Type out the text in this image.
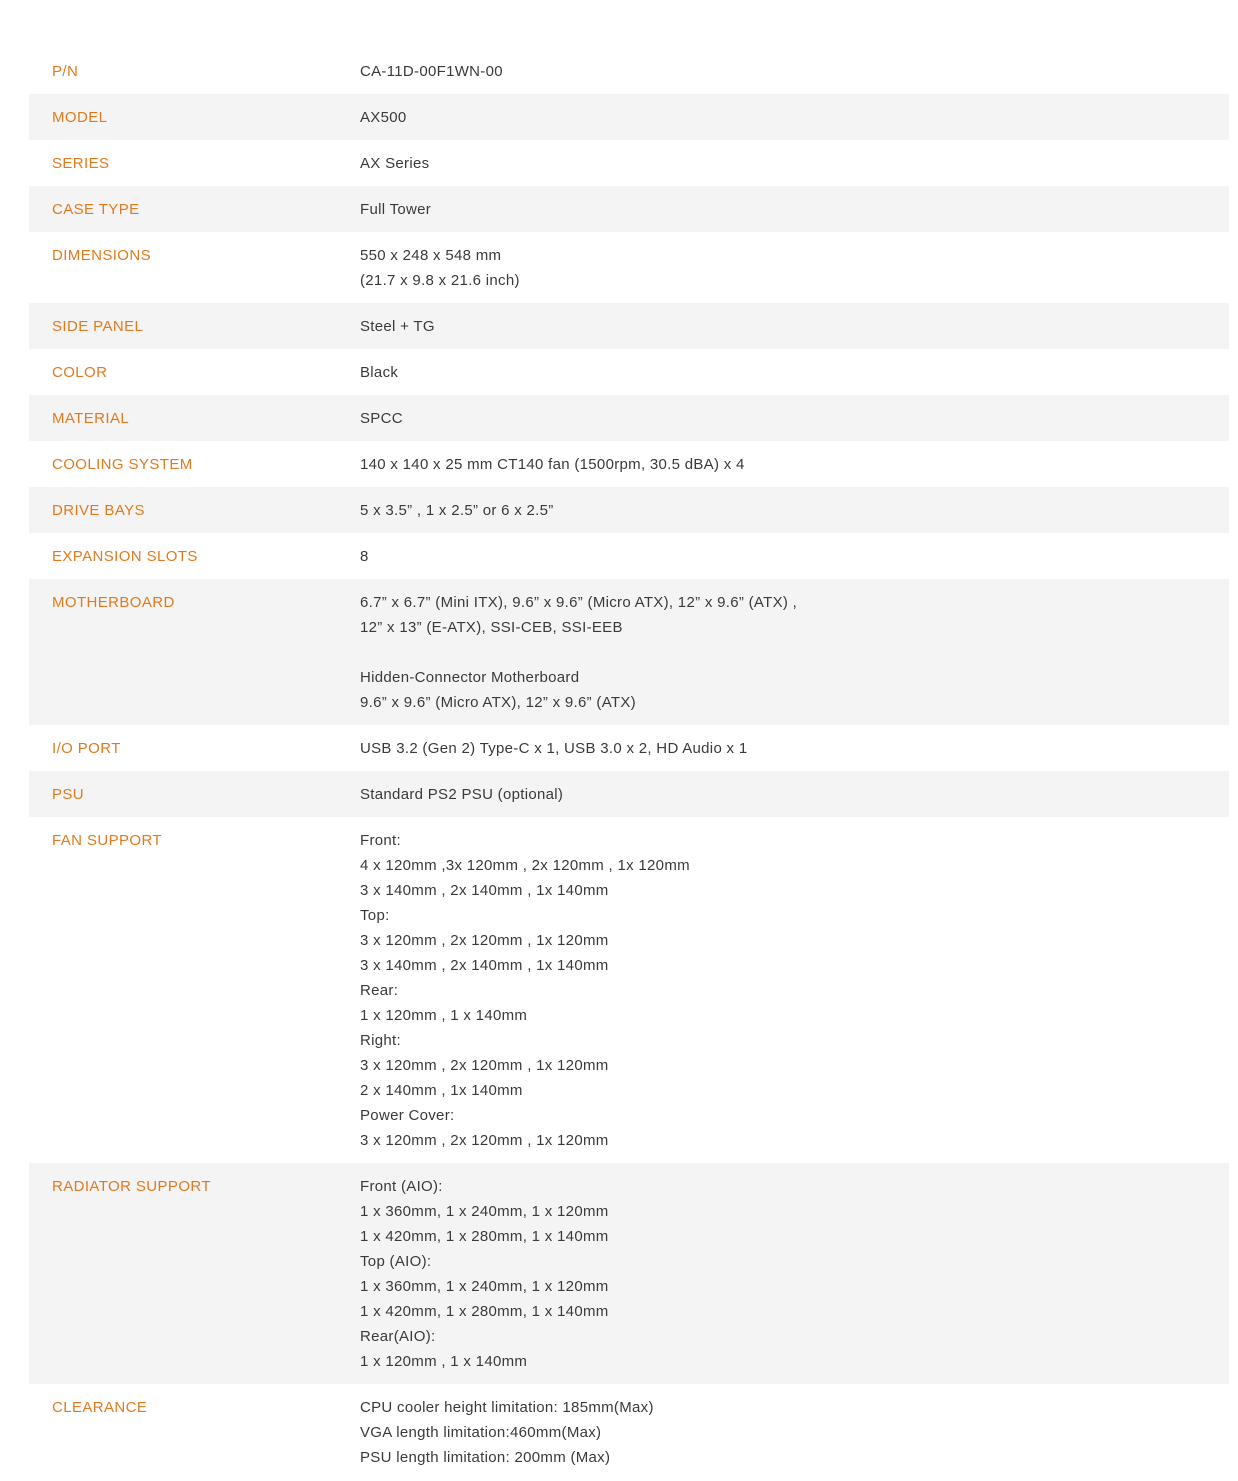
P/N	CA-11D-00F1WN-00
MODEL	AX500
SERIES	AX Series
CASE TYPE	Full Tower
DIMENSIONS	550 x 248 x 548 mm
(21.7 x 9.8 x 21.6 inch)
SIDE PANEL	Steel + TG
COLOR	Black
MATERIAL	SPCC
COOLING SYSTEM	140 x 140 x 25 mm CT140 fan (1500rpm, 30.5 dBA) x 4
DRIVE BAYS	5 x 3.5” , 1 x 2.5” or 6 x 2.5”
EXPANSION SLOTS	8
MOTHERBOARD	6.7” x 6.7” (Mini ITX), 9.6” x 9.6” (Micro ATX), 12” x 9.6” (ATX) ,
12” x 13” (E-ATX), SSI-CEB, SSI-EEB
Hidden-Connector Motherboard
9.6” x 9.6” (Micro ATX), 12” x 9.6” (ATX)
I/O PORT	USB 3.2 (Gen 2) Type-C x 1, USB 3.0 x 2, HD Audio x 1
PSU	Standard PS2 PSU (optional)
FAN SUPPORT	Front:
4 x 120mm ,3x 120mm , 2x 120mm , 1x 120mm
3 x 140mm , 2x 140mm , 1x 140mm
Top:
3 x 120mm , 2x 120mm , 1x 120mm
3 x 140mm , 2x 140mm , 1x 140mm
Rear:
1 x 120mm , 1 x 140mm
Right:
3 x 120mm , 2x 120mm , 1x 120mm
2 x 140mm , 1x 140mm
Power Cover:
3 x 120mm , 2x 120mm , 1x 120mm
RADIATOR SUPPORT	Front (AIO):
1 x 360mm, 1 x 240mm, 1 x 120mm
1 x 420mm, 1 x 280mm, 1 x 140mm
Top (AIO):
1 x 360mm, 1 x 240mm, 1 x 120mm
1 x 420mm, 1 x 280mm, 1 x 140mm
Rear(AIO):
1 x 120mm , 1 x 140mm
CLEARANCE	CPU cooler height limitation: 185mm(Max)
VGA length limitation:460mm(Max)
PSU length limitation: 200mm (Max)
